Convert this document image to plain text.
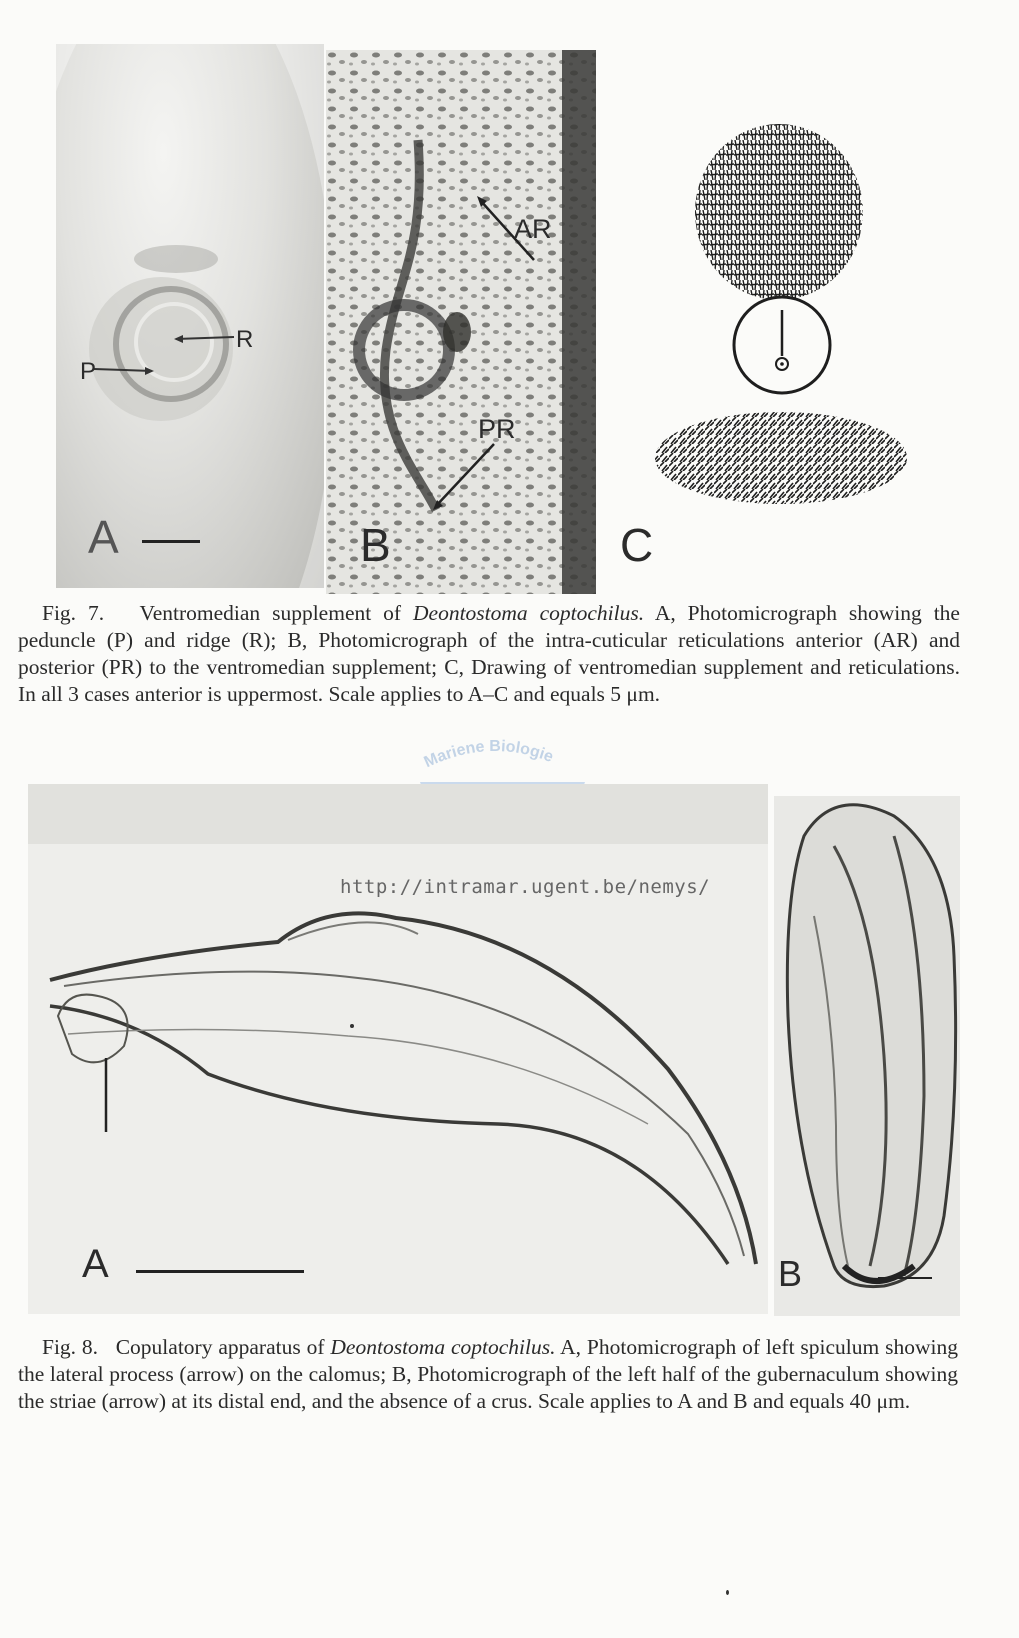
R
P
A
AR
PR
B	C
Fig. 7. Ventromedian supplement of Deontostoma coptochilus. A, Photomicrograph showing the peduncle (P) and ridge (R); B, Photomicrograph of the intra-cuticular reticulations anterior (AR) and posterior (PR) to the ventromedian supplement; C, Drawing of ventromedian supplement and reticulations. In all 3 cases anterior is uppermost. Scale applies to A–C and equals 5 μm.
Mariene Biologie
A	B
http://intramar.ugent.be/nemys/
Fig. 8. Copulatory apparatus of Deontostoma coptochilus. A, Photomicrograph of left spiculum showing the lateral process (arrow) on the calomus; B, Photomicrograph of the left half of the gubernaculum showing the striae (arrow) at its distal end, and the absence of a crus. Scale applies to A and B and equals 40 μm.
